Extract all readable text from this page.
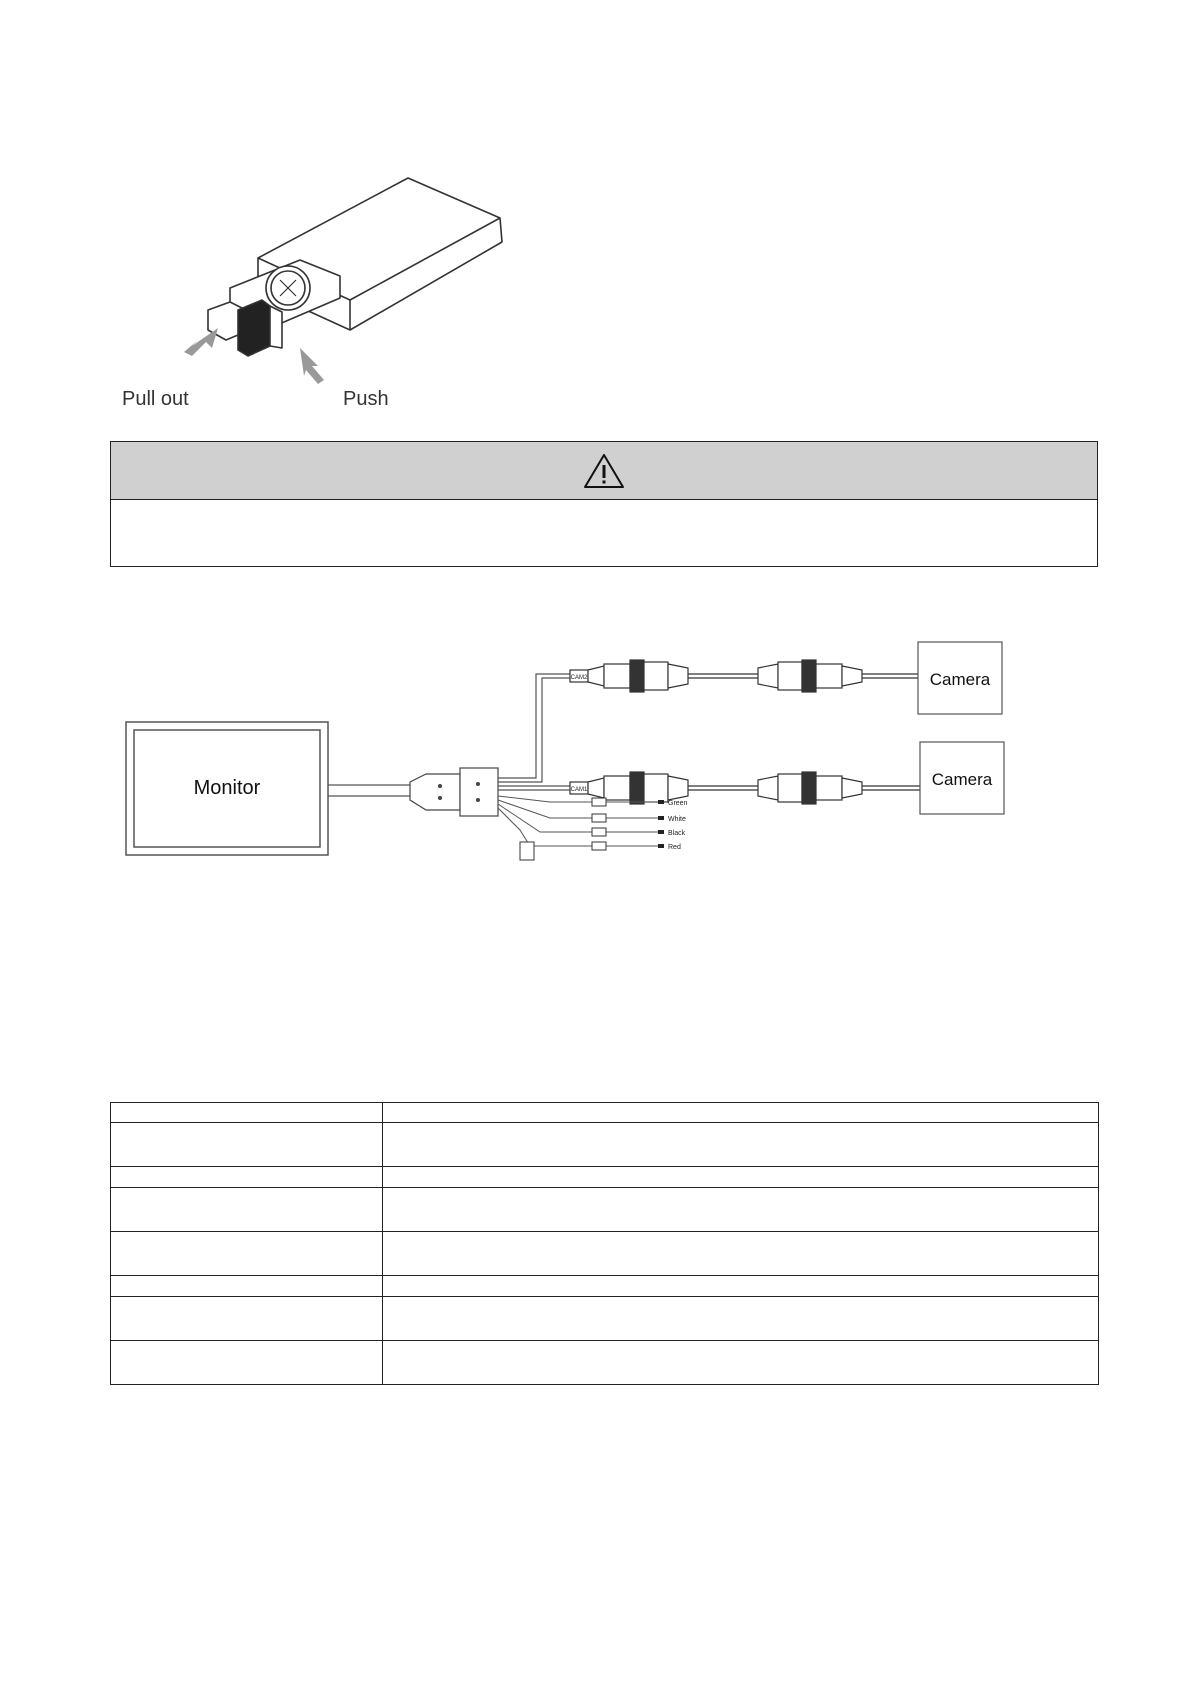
Pull out	Push
Monitor
CAM2
CAM1
Camera
Camera
Green
White
Black
Red
